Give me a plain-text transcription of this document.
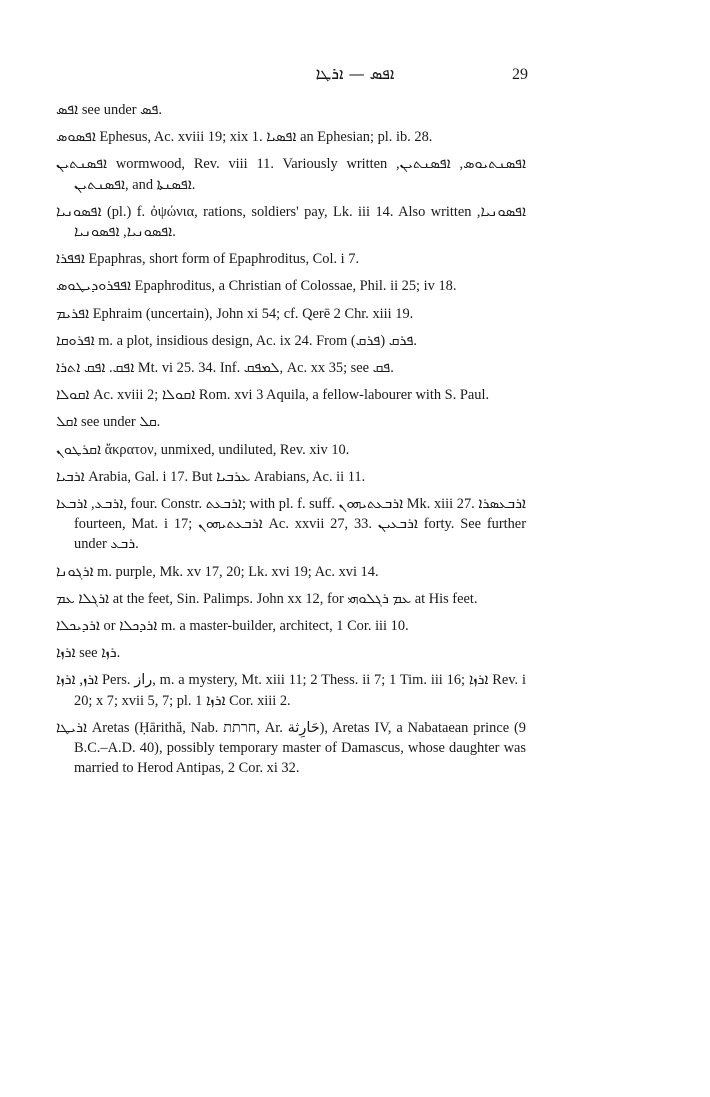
ܐܦܣ — ܐܪܛܐ	29

ܐܦܣ see under ܦܣ.

ܐܦܣܘܣ Ephesus, Ac. xviii 19; xix 1. ܐܦܣܝܐ an Ephesian; pl. ib. 28.

ܐܦܣܢܬܝܢ wormwood, Rev. viii 11. Variously written ܐܦܣܢܬܝܘܣ, ܐܦܣܢܬܝܢ, ܐܦܣܢܬܝܢ, and ܐܦܣܢܬܐ.

ܐܦܣܘܢܝܐ (pl.) f. ὀψώνια, rations, soldiers' pay, Lk. iii 14. Also written ܐܦܣܘܢܝܐ, ܐܦܣܘܢܝܐ, ܐܦܣܘܢܝܐ.

ܐܦܦܪܐ Epaphras, short form of Epaphroditus, Col. i 7.

ܐܦܦܪܘܕܝܛܘܣ Epaphroditus, a Christian of Colossae, Phil. ii 25; iv 18.

ܐܦܪܝܡ Ephraim (uncertain), John xi 54; cf. Qerē 2 Chr. xiii 19.

ܐܦܪܘܩܐ m. a plot, insidious design, Ac. ix 24. From ܦܪܩ (ܦܪܩ).

ܐܦܩ. ܐܦܩ ܐܬܪܐ Mt. vi 25. 34. Inf. ܠܡܦܩ, Ac. xx 35; see ܦܩ.

ܐܩܘܠܐ Ac. xviii 2; ܐܩܘܠܐ Rom. xvi 3 Aquila, a fellow-labourer with S. Paul.

ܐܩܠ see under ܩܠ.

ܐܩܪܛܘܢ ἄκρατον, unmixed, undiluted, Rev. xiv 10.

ܐܪܒܝܐ Arabia, Gal. i 17. But ܥܪܒܝܐ Arabians, Ac. ii 11.

ܐܪܒܥ, ܐܪܒܥܐ, four. Constr. ܐܪܒܥܬ; with pl. f. suff. ܐܪܒܥܬܝܗܘܢ Mk. xiii 27. ܐܪܒܥܣܪܐ fourteen, Mat. i 17; ܐܪܒܥܬܝܗܘܢ Ac. xxvii 27, 33. ܐܪܒܥܝܢ forty. See further under ܪܒܥ.

ܐܪܓܘܢܐ m. purple, Mk. xv 17, 20; Lk. xvi 19; Ac. xvi 14.

ܐܪܓܠܐ ܥܡ at the feet, Sin. Palimps. John xx 12, for ܥܡ ܪܓܠܘܗܝ at His feet.

ܐܪܕܝܟܠܐ or ܐܪܕܟܠܐ m. a master-builder, architect, 1 Cor. iii 10.

ܐܪܙܐ see ܪܙܐ.

ܐܪܙ, ܐܪܙܐ Pers. راز, m. a mystery, Mt. xiii 11; 2 Thess. ii 7; 1 Tim. iii 16; ܐܪܙܐ Rev. i 20; x 7; xvii 5, 7; pl. ܐܪܙܐ 1 Cor. xiii 2.

ܐܪܝܛܐ Aretas (Ḥārithă, Nab. חרתת, Ar. حَارِثة), Aretas IV, a Nabataean prince (9 B.C.–A.D. 40), possibly temporary master of Damascus, whose daughter was married to Herod Antipas, 2 Cor. xi 32.
